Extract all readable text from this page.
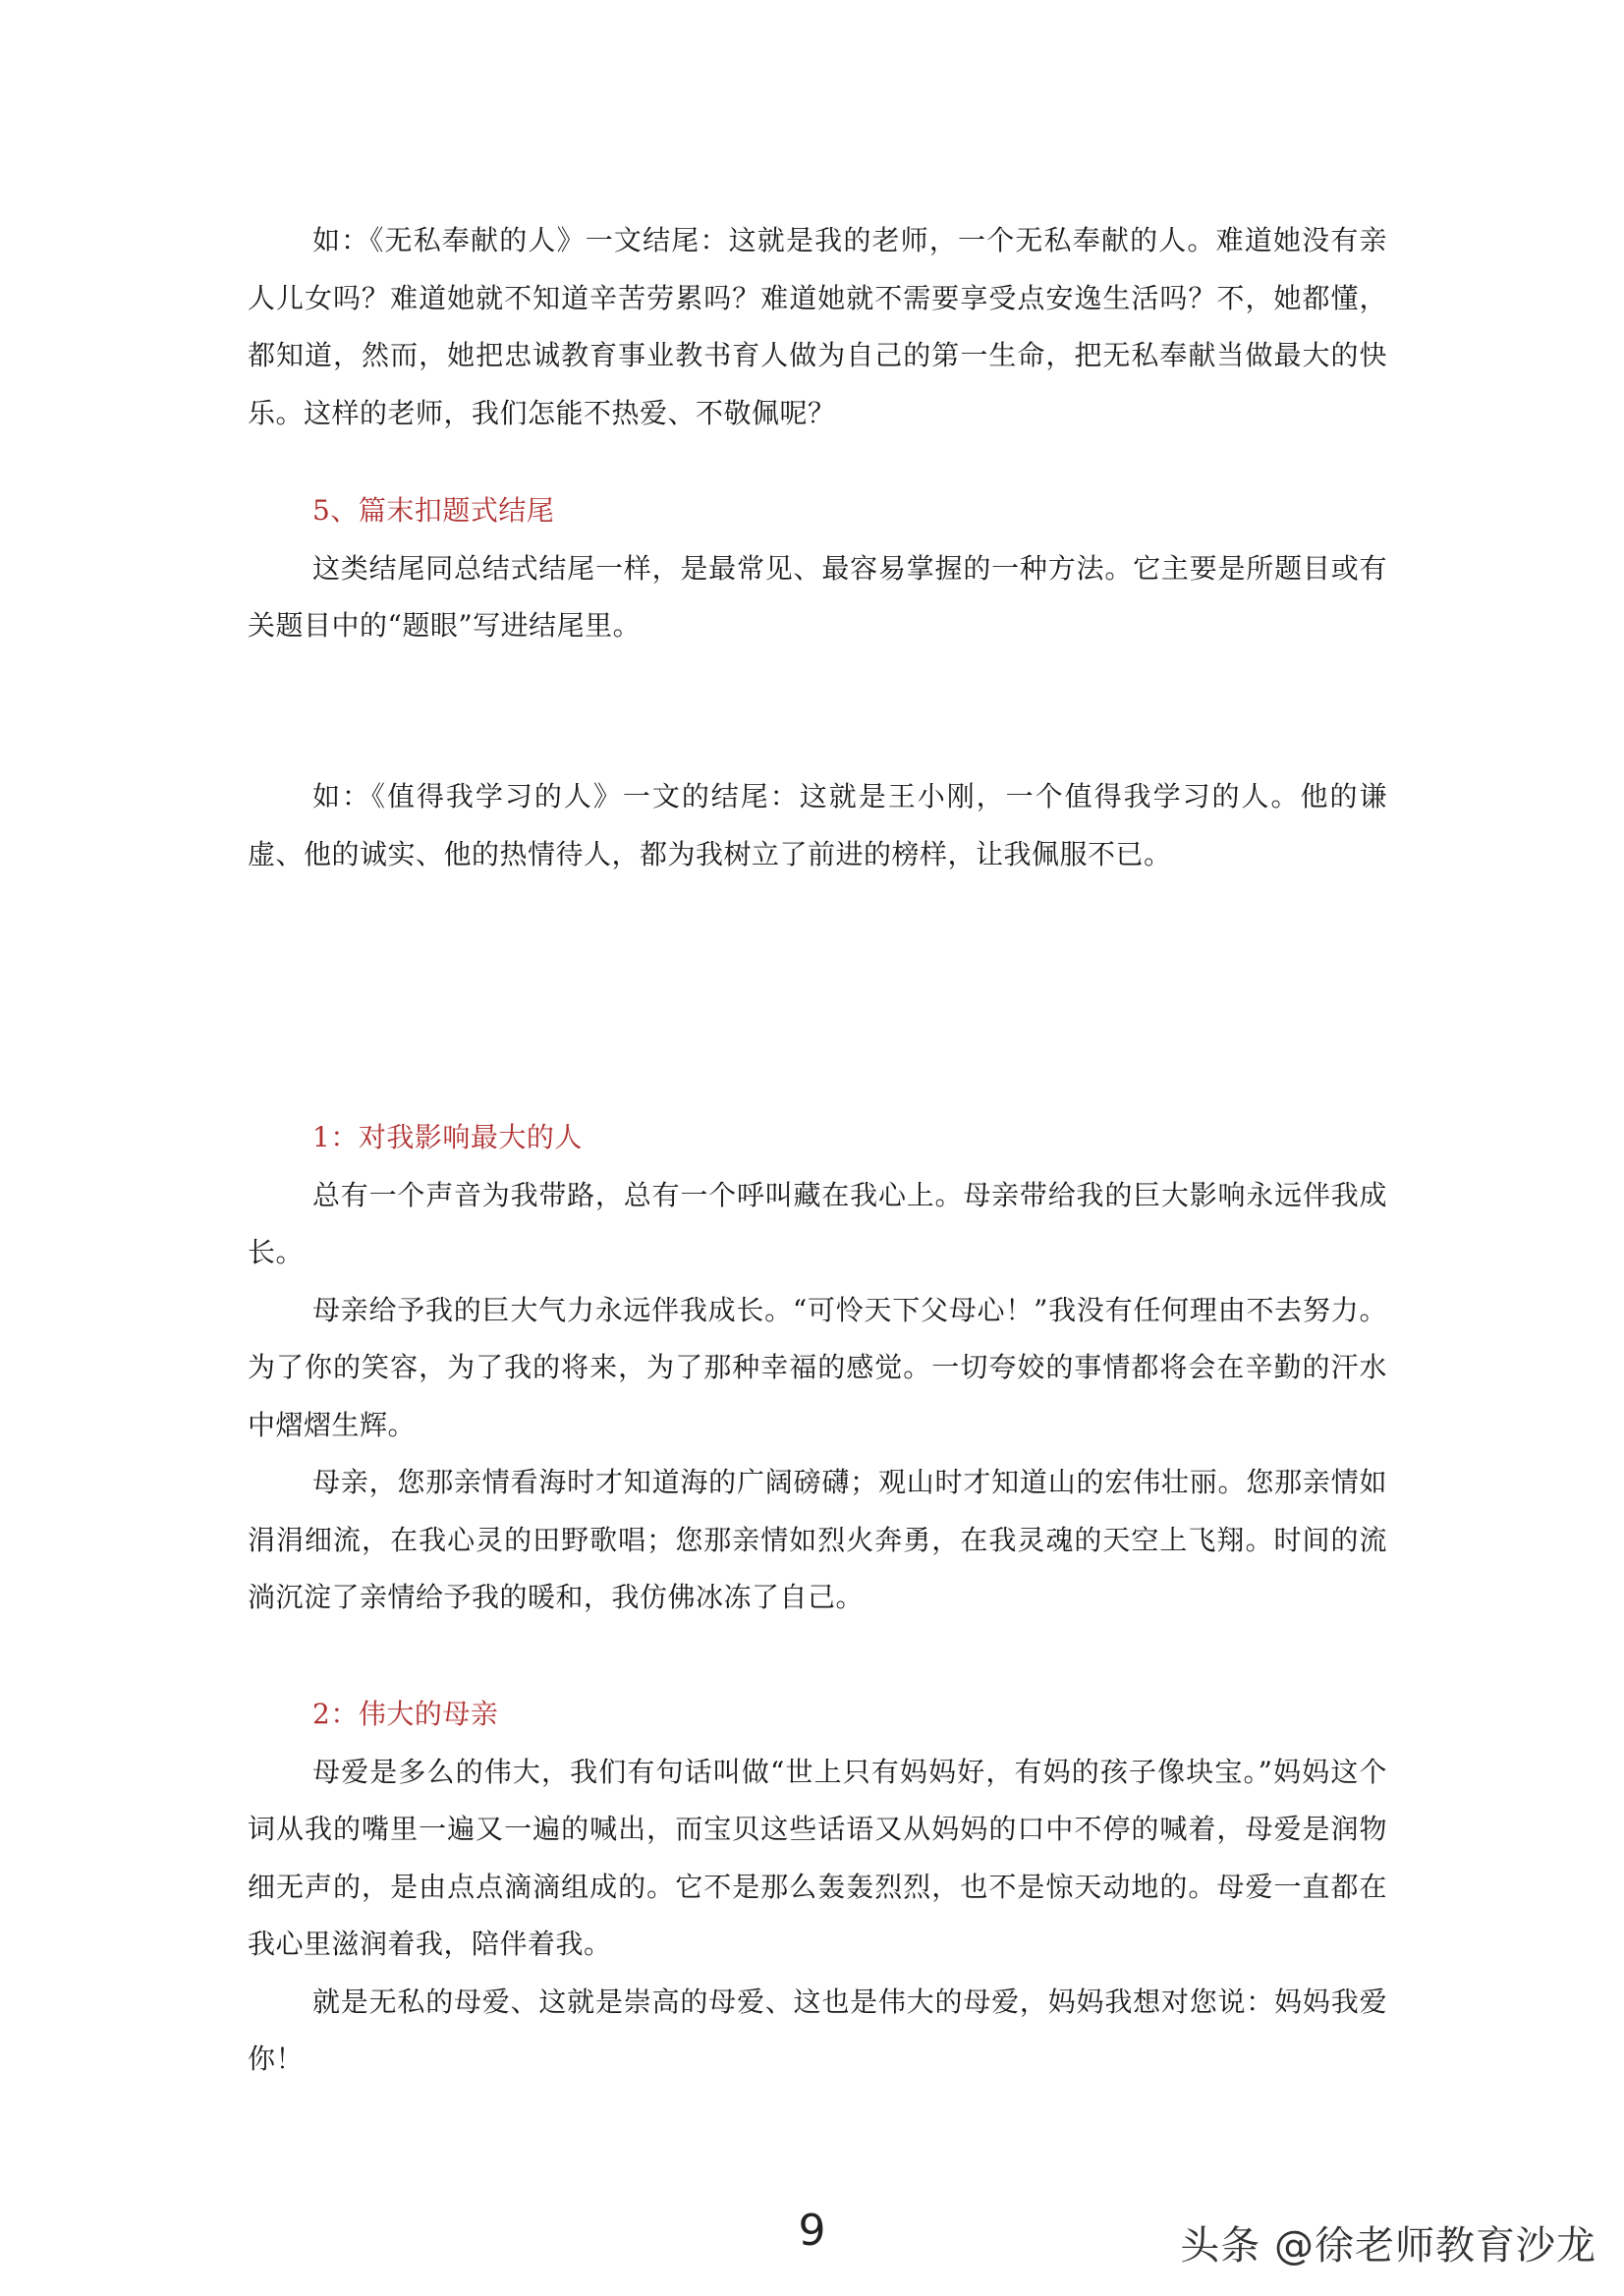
如：《无私奉献的人》一文结尾：这就是我的老师，一个无私奉献的人。难道她没有亲人儿女吗？难道她就不知道辛苦劳累吗？难道她就不需要享受点安逸生活吗？不，她都懂，都知道，然而，她把忠诚教育事业教书育人做为自己的第一生命，把无私奉献当做最大的快乐。这样的老师，我们怎能不热爱、不敬佩呢？

5、篇末扣题式结尾

这类结尾同总结式结尾一样，是最常见、最容易掌握的一种方法。它主要是所题目或有关题目中的“题眼”写进结尾里。

如：《值得我学习的人》一文的结尾：这就是王小刚，一个值得我学习的人。他的谦虚、他的诚实、他的热情待人，都为我树立了前进的榜样，让我佩服不已。

1：对我影响最大的人

总有一个声音为我带路，总有一个呼叫藏在我心上。母亲带给我的巨大影响永远伴我成长。

母亲给予我的巨大气力永远伴我成长。“可怜天下父母心！”我没有任何理由不去努力。为了你的笑容，为了我的将来，为了那种幸福的感觉。一切夸姣的事情都将会在辛勤的汗水中熠熠生辉。

母亲，您那亲情看海时才知道海的广阔磅礴；观山时才知道山的宏伟壮丽。您那亲情如涓涓细流，在我心灵的田野歌唱；您那亲情如烈火奔勇，在我灵魂的天空上飞翔。时间的流淌沉淀了亲情给予我的暖和，我仿佛冰冻了自己。

2：伟大的母亲

母爱是多么的伟大，我们有句话叫做“世上只有妈妈好，有妈的孩子像块宝。”妈妈这个词从我的嘴里一遍又一遍的喊出，而宝贝这些话语又从妈妈的口中不停的喊着，母爱是润物细无声的，是由点点滴滴组成的。它不是那么轰轰烈烈，也不是惊天动地的。母爱一直都在我心里滋润着我，陪伴着我。

就是无私的母爱、这就是崇高的母爱、这也是伟大的母爱，妈妈我想对您说：妈妈我爱你！

9	头条 @徐老师教育沙龙
